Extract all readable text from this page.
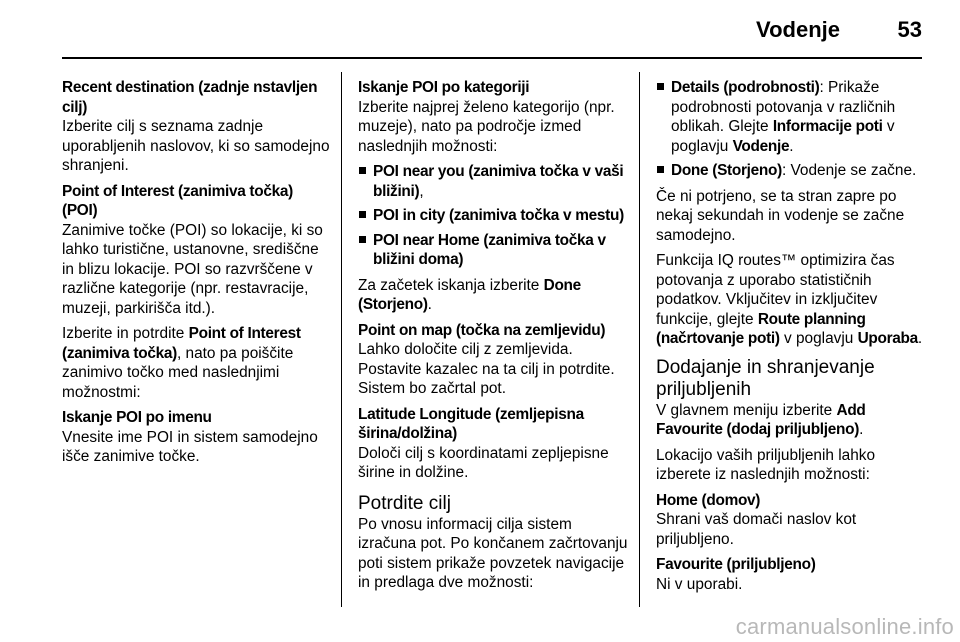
Vodenje	53
Recent destination (zadnje nstavljen cilj)
Izberite cilj s seznama zadnje uporabljenih naslovov, ki so samodejno shranjeni.
Point of Interest (zanimiva točka) (POI)
Zanimive točke (POI) so lokacije, ki so lahko turistične, ustanovne, središčne in blizu lokacije. POI so razvrščene v različne kategorije (npr. restavracije, muzeji, parkirišča itd.).

Izberite in potrdite Point of Interest (zanimiva točka), nato pa poiščite zanimivo točko med naslednjimi možnostmi:

Iskanje POI po imenu
Vnesite ime POI in sistem samodejno išče zanimive točke.
Iskanje POI po kategoriji
Izberite najprej želeno kategorijo (npr. muzeje), nato pa področje izmed naslednjih možnosti:
POI near you (zanimiva točka v vaši bližini),
POI in city (zanimiva točka v mestu)
POI near Home (zanimiva točka v bližini doma)

Za začetek iskanja izberite Done (Storjeno).

Point on map (točka na zemljevidu)
Lahko določite cilj z zemljevida. Postavite kazalec na ta cilj in potrdite. Sistem bo začrtal pot.
Latitude Longitude (zemljepisna širina/dolžina)
Določi cilj s koordinatami zepljepisne širine in dolžine.
Potrdite cilj
Po vnosu informacij cilja sistem izračuna pot. Po končanem začrtovanju poti sistem prikaže povzetek navigacije in predlaga dve možnosti:
Details (podrobnosti): Prikaže podrobnosti potovanja v različnih oblikah. Glejte Informacije poti v poglavju Vodenje.
Done (Storjeno): Vodenje se začne.

Če ni potrjeno, se ta stran zapre po nekaj sekundah in vodenje se začne samodejno.

Funkcija IQ routes™ optimizira čas potovanja z uporabo statističnih podatkov. Vključitev in izključitev funkcije, glejte Route planning (načrtovanje poti) v poglavju Uporaba.

Dodajanje in shranjevanje priljubljenih

V glavnem meniju izberite Add Favourite (dodaj priljubljeno).

Lokacijo vaših priljubljenih lahko izberete iz naslednjih možnosti:

Home (domov)
Shrani vaš domači naslov kot priljubljeno.
Favourite (priljubljeno)
Ni v uporabi.
carmanualsonline.info
